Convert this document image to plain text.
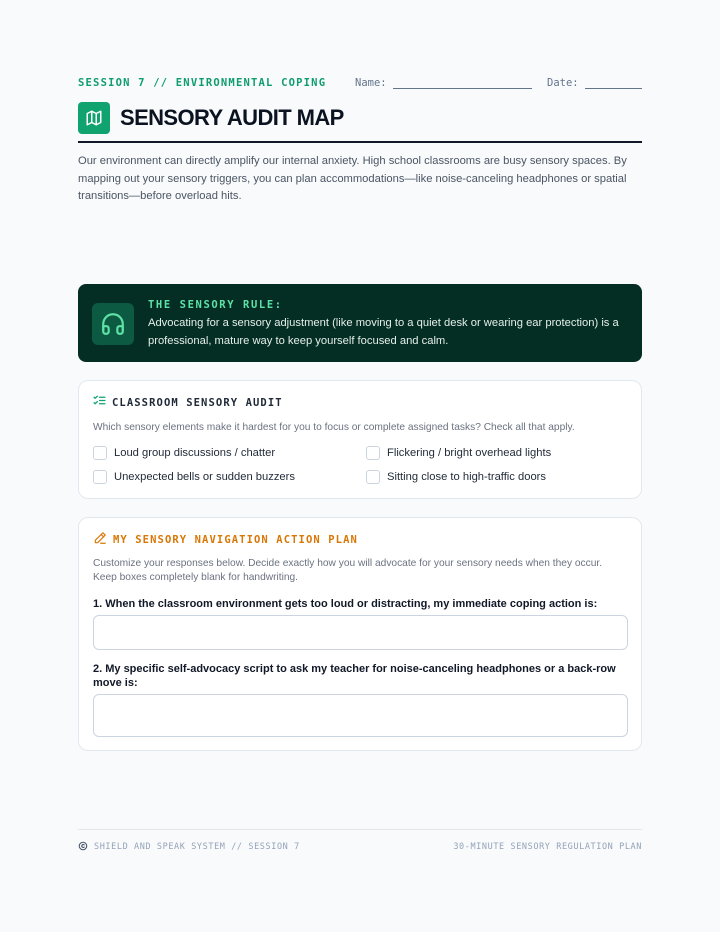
SESSION 7 // ENVIRONMENTAL COPING	Name:	Date:
SENSORY AUDIT MAP

Our environment can directly amplify our internal anxiety. High school classrooms are busy sensory spaces. By mapping out your sensory triggers, you can plan accommodations—like noise-canceling headphones or spatial transitions—before overload hits.

THE SENSORY RULE:
Advocating for a sensory adjustment (like moving to a quiet desk or wearing ear protection) is a professional, mature way to keep yourself focused and calm.
CLASSROOM SENSORY AUDIT

Which sensory elements make it hardest for you to focus or complete assigned tasks? Check all that apply.

Loud group discussions / chatter	Flickering / bright overhead lights
Unexpected bells or sudden buzzers	Sitting close to high-traffic doors
MY SENSORY NAVIGATION ACTION PLAN

Customize your responses below. Decide exactly how you will advocate for your sensory needs when they occur. Keep boxes completely blank for handwriting.

1. When the classroom environment gets too loud or distracting, my immediate coping action is:

2. My specific self-advocacy script to ask my teacher for noise-canceling headphones or a back-row move is:

SHIELD AND SPEAK SYSTEM // SESSION 7	30-MINUTE SENSORY REGULATION PLAN
